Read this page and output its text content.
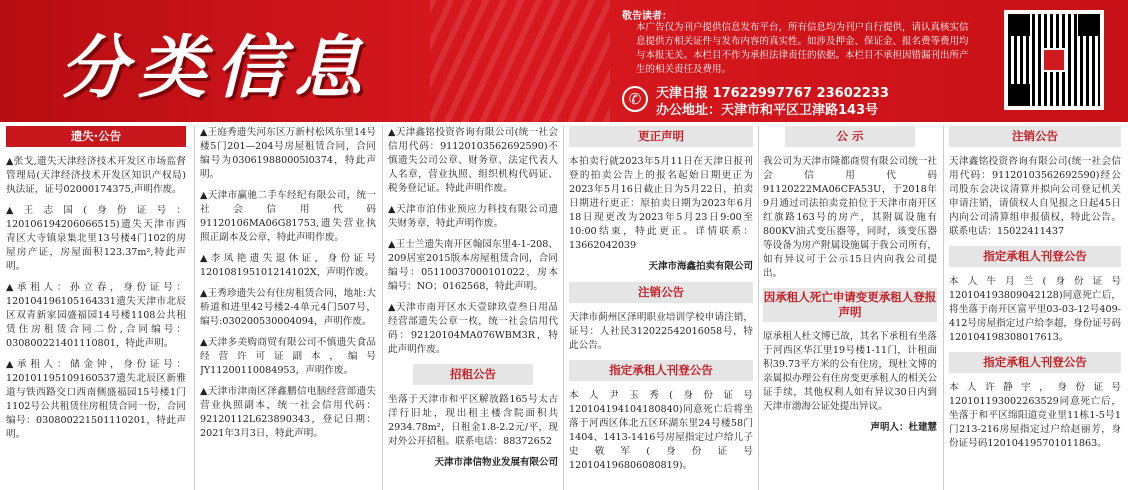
分类信息
敬告读者：
本广告仅为刊户提供信息发布平台，所有信息均为刊户自行提供，请认真核实信息提供方相关证件与发布内容的真实性。如涉及押金、保证金、报名费等费用均与本报无关。本栏目不作为承担法律责任的依据。本栏目不承担因错漏刊出所产生的相关责任及费用。
✆	天津日报 17622997767 23602233
办公地址：天津市和平区卫津路143号
遗失·公告

▲张戈,遗失天津经济技术开发区市场监督管理局(天津经济技术开发区知识产权局)执法证，证号02000174375,声明作废。

▲王志国(身份证号：120106194206066515)遗失天津市西青区大寺镇泉集北里13号楼4门102的房屋房产证，房屋面积123.37m²,特此声明。

▲承租人：孙立春，身份证号：120104196105164331遗失天津市北辰区双青新家园盛福园14号楼1108公共租赁住房租赁合同二份,合同编号：030800221401110801，特此声明。

▲承租人：储金钟，身份证号：120101195109160537遗失北辰区新雅道与铁西路交口西南侧盛福园15号楼1门1102号公共租赁住房租赁合同一份，合同编号：030800221501110201，特此声明。

▲王庭秀遗失河东区万新村松风东里14号楼5门201—204号房屋租赁合同，合同编号为030619880005l0374，特此声明。

▲天津市赢驰二手车经纪有限公司，统一社会信用代码91120106MA06G81753,遗失营业执照正副本及公章，特此声明作废。

▲李凤艳遗失退休证，身份证号120108195101214102X，声明作废。

▲王秀珍遗失公有住房租赁合同，地址:大桥道和进里42号楼2-4单元4门507号，编号:030200530004094，声明作废。

▲天津多美购商贸有限公司不慎遗失食品经营许可证副本，编号JY11200110084953，声明作废。

▲天津市津南区泽鑫鹏信电脑经营部遗失营业执照副本，统一社会信用代码：92120112L623890343，登记日期：2021年3月3日，特此声明。

▲天津鑫铭投资咨询有限公司(统一社会信用代码：91120103562692590)不慎遗失公司公章、财务章、法定代表人人名章，营业执照、组织机构代码证、税务登记证。特此声明作废。

▲天津市泊伟业预应力科技有限公司遗失财务章，特此声明作废。

▲王士兰遗失南开区翰园东里4-1-208、209居室2015版本房屋租赁合同，合同编号：05110037000101022，房本编号：NO；0162568，特此声明。

▲天津市南开区水天壹肆玖壹叁日用品经营部遗失公章一枚，统一社会信用代码：92120104MA076WBM3R，特此声明作废。

招租公告

坐落于天津市和平区解放路165号太古洋行旧址，现出租主楼含院面积共2934.78m²，日租金1.8-2.2元/平，现对外公开招租。联系电话：88372652

天津市津信物业发展有限公司
更正声明

本拍卖行就2023年5月11日在天津日报刊登的拍卖公告上的报名起始日期更正为2023年5月16日截止日为5月22日，拍卖日期进行更正：原拍卖日期为2023年6月18日现更改为2023年5月23日9:00至10:00结束，特此更正。详情联系：13662042039

天津市海鑫拍卖有限公司
注销公告

天津市蓟州区泽明职业培训学校申请注销，证号：人社民312022542016058号，特此公告。

指定承租人刊登公告

本人尹玉秀(身份证号120104194104180840)同意死亡后将坐落于河西区体北五区环湖东里24号楼58门1404、1413-1416号房屋指定过户给儿子史敬军(身份证号120104196806080819)。

公 示

我公司为天津市隆都商贸有限公司统一社会信用代码91120222MA06CFA53U，于2018年9月通过司法拍卖竞拍位于天津市南开区红旗路163号的房产，其附属设施有800KV油式变压器等，同时，该变压器等设备为房产附属设施属于我公司所有，如有异议可于公示15日内向我公司提出。

因承租人死亡申请变更承租人登报声明

原承租人杜文博已故，其名下承租有坐落于河西区华江里19号楼1-11门，计租面积39.73平方米的公有住房，现杜文博的亲属拟办理公有住房变更承租人的相关公证手续，其他权利人如有异议30日内到天津市渤海公证处提出异议。

声明人：杜建慧
注销公告

天津鑫铭投资咨询有限公司(统一社会信用代码：91120103562692590)经公司股东会决议清算并拟向公司登记机关申请注销，请债权人自见报之日起45日内向公司清算组申报债权，特此公告。联系电话：15022411437

指定承租人刊登公告

本人牛月兰(身份证号120104193809042128)同意死亡后，将坐落于南开区富平里03-03-12号409-412号房屋指定过户给李超，身份证号码120104198308017613。

指定承租人刊登公告

本人许静宇，身份证号120101193002263529同意死亡后，坐落于和平区绵阳道竞业里11栋1-5号1门213-216房屋指定过户给赵丽芳，身份证号码120104195701011863。
